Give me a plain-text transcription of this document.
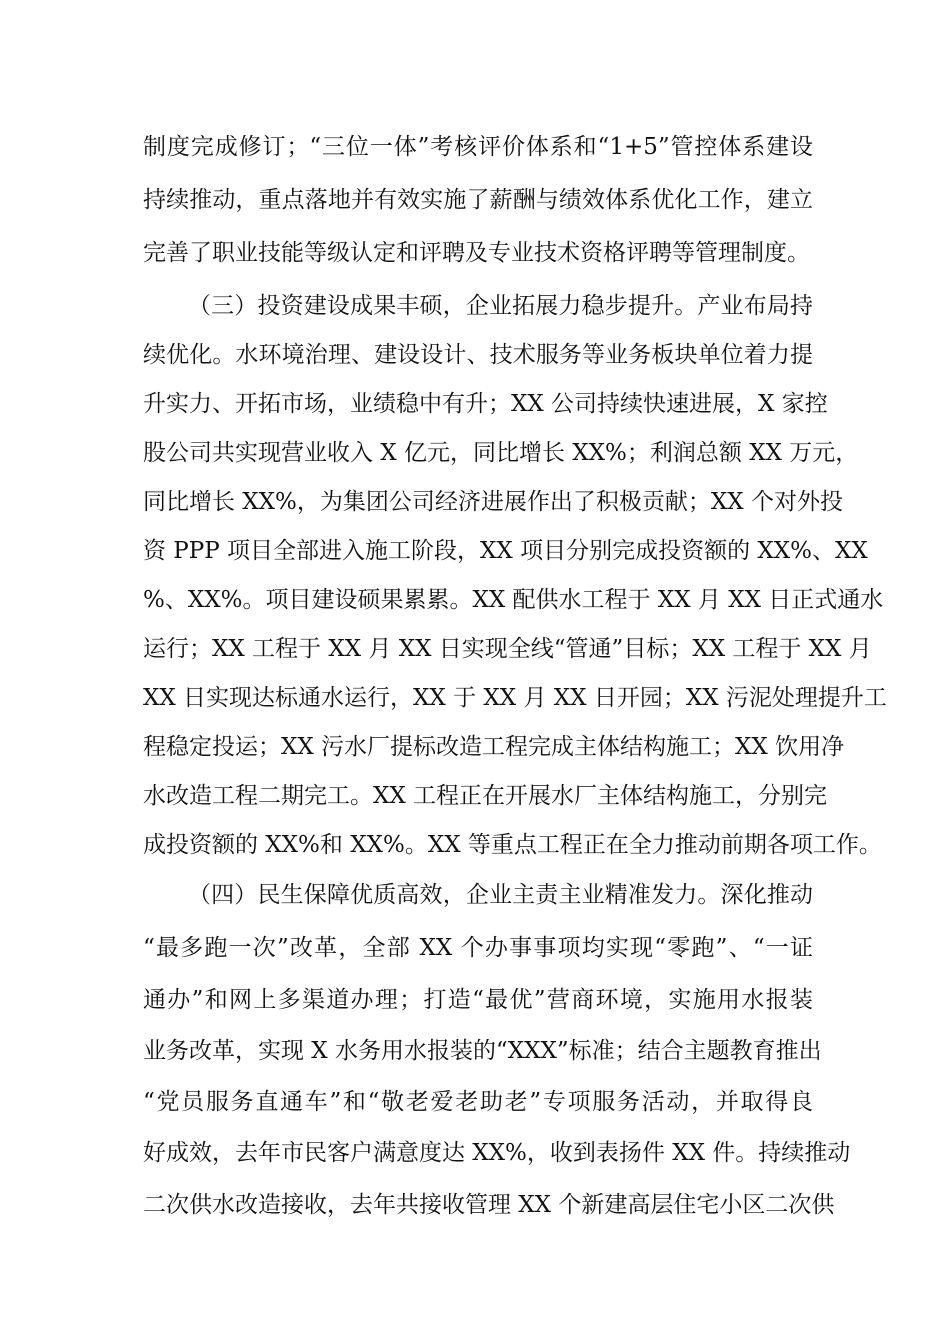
制度完成修订；“三位一体”考核评价体系和“1+5”管控体系建设
持续推动，重点落地并有效实施了薪酬与绩效体系优化工作，建立
完善了职业技能等级认定和评聘及专业技术资格评聘等管理制度。
（三）投资建设成果丰硕，企业拓展力稳步提升。产业布局持
续优化。水环境治理、建设设计、技术服务等业务板块单位着力提
升实力、开拓市场，业绩稳中有升；XX 公司持续快速进展，X 家控
股公司共实现营业收入 X 亿元，同比增长 XX%；利润总额 XX 万元，
同比增长 XX%，为集团公司经济进展作出了积极贡献；XX 个对外投
资 PPP 项目全部进入施工阶段，XX 项目分别完成投资额的 XX%、XX
%、XX%。项目建设硕果累累。XX 配供水工程于 XX 月 XX 日正式通水
运行；XX 工程于 XX 月 XX 日实现全线“管通”目标；XX 工程于 XX 月
XX 日实现达标通水运行，XX 于 XX 月 XX 日开园；XX 污泥处理提升工
程稳定投运；XX 污水厂提标改造工程完成主体结构施工；XX 饮用净
水改造工程二期完工。XX 工程正在开展水厂主体结构施工，分别完
成投资额的 XX%和 XX%。XX 等重点工程正在全力推动前期各项工作。
（四）民生保障优质高效，企业主责主业精准发力。深化推动
“最多跑一次”改革，全部 XX 个办事事项均实现“零跑”、“一证
通办”和网上多渠道办理；打造“最优”营商环境，实施用水报装
业务改革，实现 X 水务用水报装的“XXX”标准；结合主题教育推出
“党员服务直通车”和“敬老爱老助老”专项服务活动，并取得良
好成效，去年市民客户满意度达 XX%，收到表扬件 XX 件。持续推动
二次供水改造接收，去年共接收管理 XX 个新建高层住宅小区二次供
